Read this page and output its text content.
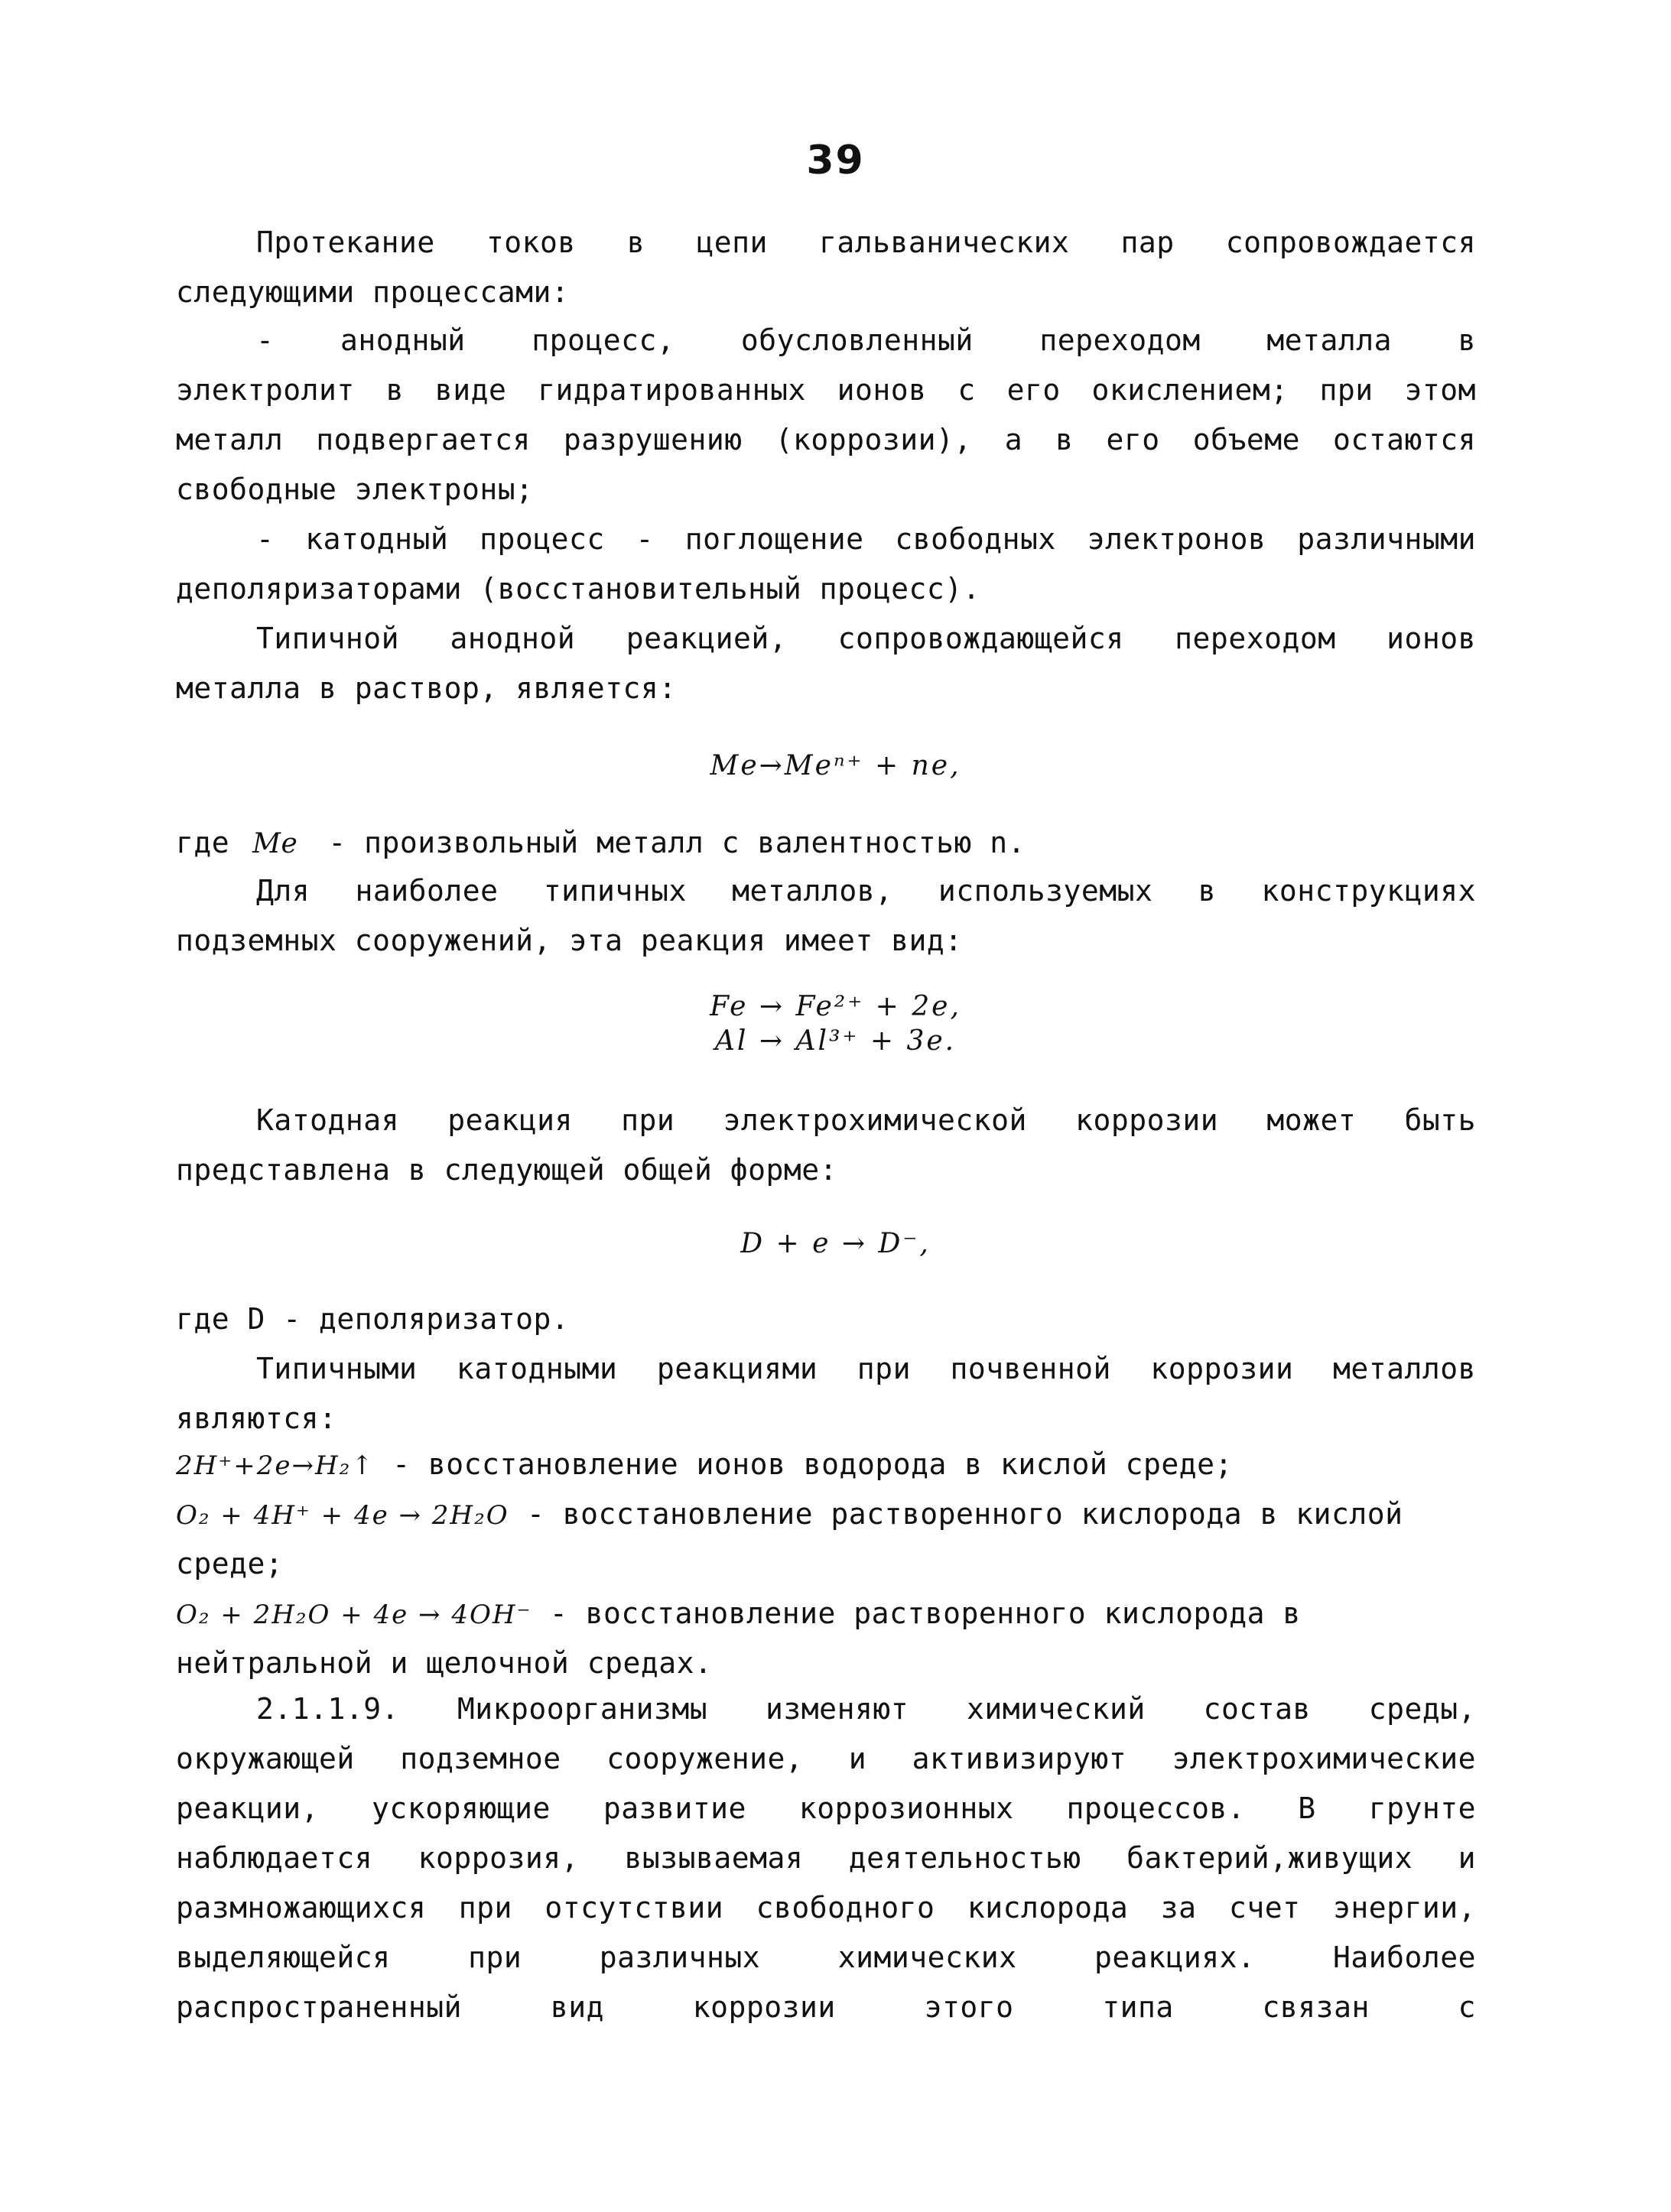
39
Протекание токов в цепи гальванических пар сопровождается
следующими процессами:
- анодный процесс, обусловленный переходом металла в
электролит в виде гидратированных ионов с его окислением; при этом
металл подвергается разрушению (коррозии), а в его объеме остаются
свободные электроны;
- катодный процесс - поглощение свободных электронов различными
деполяризаторами (восстановительный процесс).
Типичной анодной реакцией, сопровождающейся переходом ионов
металла в раствор, является:
Me→Meⁿ⁺ + ne,
где Me - произвольный металл с валентностью n.
Для наиболее типичных металлов, используемых в конструкциях
подземных сооружений, эта реакция имеет вид:
Fe → Fe²⁺ + 2e,
Al → Al³⁺ + 3e.
Катодная реакция при электрохимической коррозии может быть
представлена в следующей общей форме:
D + e → D⁻,
где D - деполяризатор.
Типичными катодными реакциями при почвенной коррозии металлов
являются:
2H⁺+2e→H₂↑ - восстановление ионов водорода в кислой среде;
O₂ + 4H⁺ + 4e → 2H₂O - восстановление растворенного кислорода в кислой
среде;
O₂ + 2H₂O + 4e → 4OH⁻ - восстановление растворенного кислорода в
нейтральной и щелочной средах.
2.1.1.9. Микроорганизмы изменяют химический состав среды,
окружающей подземное сооружение, и активизируют электрохимические
реакции, ускоряющие развитие коррозионных процессов. В грунте
наблюдается коррозия, вызываемая деятельностью бактерий,живущих и
размножающихся при отсутствии свободного кислорода за счет энергии,
выделяющейся при различных химических реакциях. Наиболее
распространенный вид коррозии этого типа связан с
